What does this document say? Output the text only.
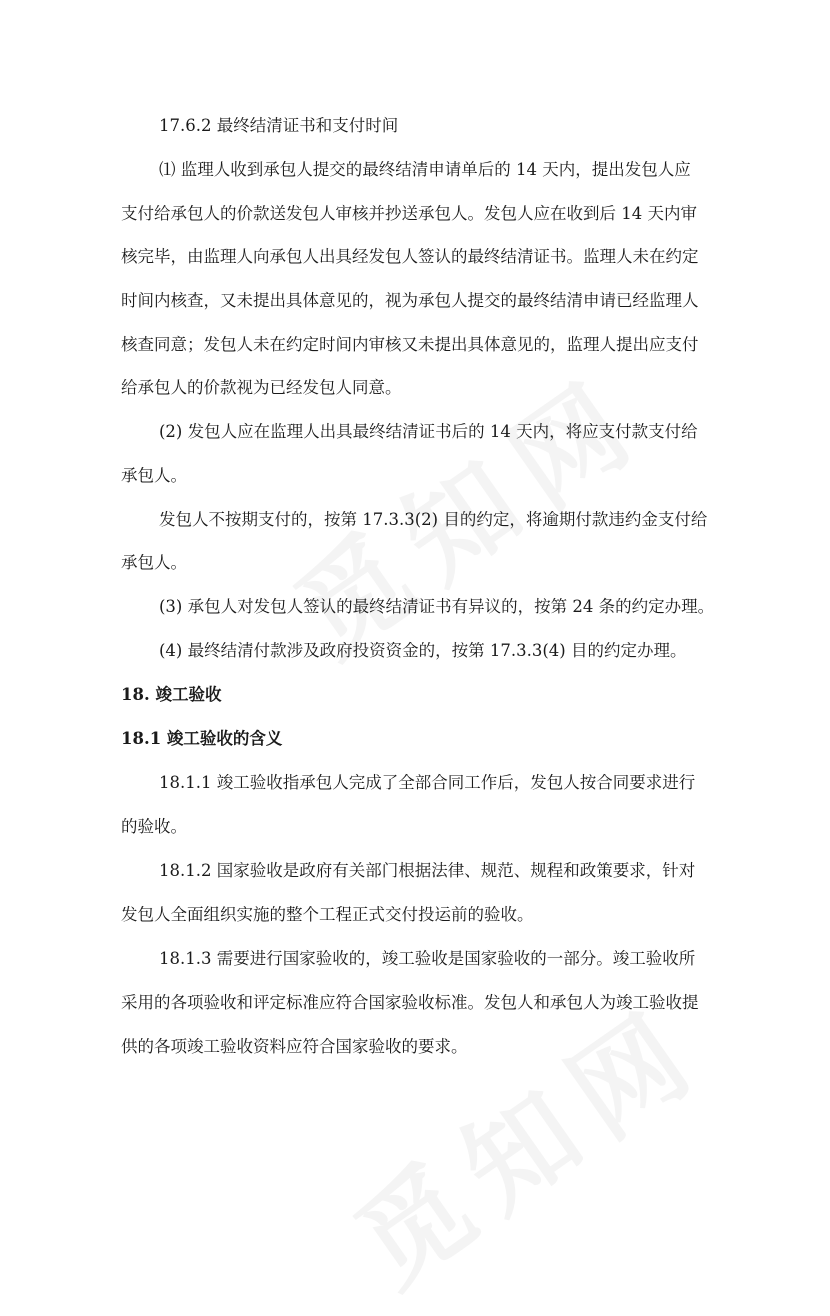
17.6.2 最终结清证书和支付时间
⑴ 监理人收到承包人提交的最终结清申请单后的 14 天内，提出发包人应
支付给承包人的价款送发包人审核并抄送承包人。发包人应在收到后 14 天内审
核完毕，由监理人向承包人出具经发包人签认的最终结清证书。监理人未在约定
时间内核查，又未提出具体意见的，视为承包人提交的最终结清申请已经监理人
核查同意；发包人未在约定时间内审核又未提出具体意见的，监理人提出应支付
给承包人的价款视为已经发包人同意。
(2) 发包人应在监理人出具最终结清证书后的 14 天内，将应支付款支付给
承包人。
发包人不按期支付的，按第 17.3.3(2) 目的约定，将逾期付款违约金支付给
承包人。
(3) 承包人对发包人签认的最终结清证书有异议的，按第 24 条的约定办理。
(4) 最终结清付款涉及政府投资资金的，按第 17.3.3(4) 目的约定办理。
18. 竣工验收
18.1 竣工验收的含义
18.1.1 竣工验收指承包人完成了全部合同工作后，发包人按合同要求进行
的验收。
18.1.2 国家验收是政府有关部门根据法律、规范、规程和政策要求，针对
发包人全面组织实施的整个工程正式交付投运前的验收。
18.1.3 需要进行国家验收的，竣工验收是国家验收的一部分。竣工验收所
采用的各项验收和评定标准应符合国家验收标准。发包人和承包人为竣工验收提
供的各项竣工验收资料应符合国家验收的要求。
